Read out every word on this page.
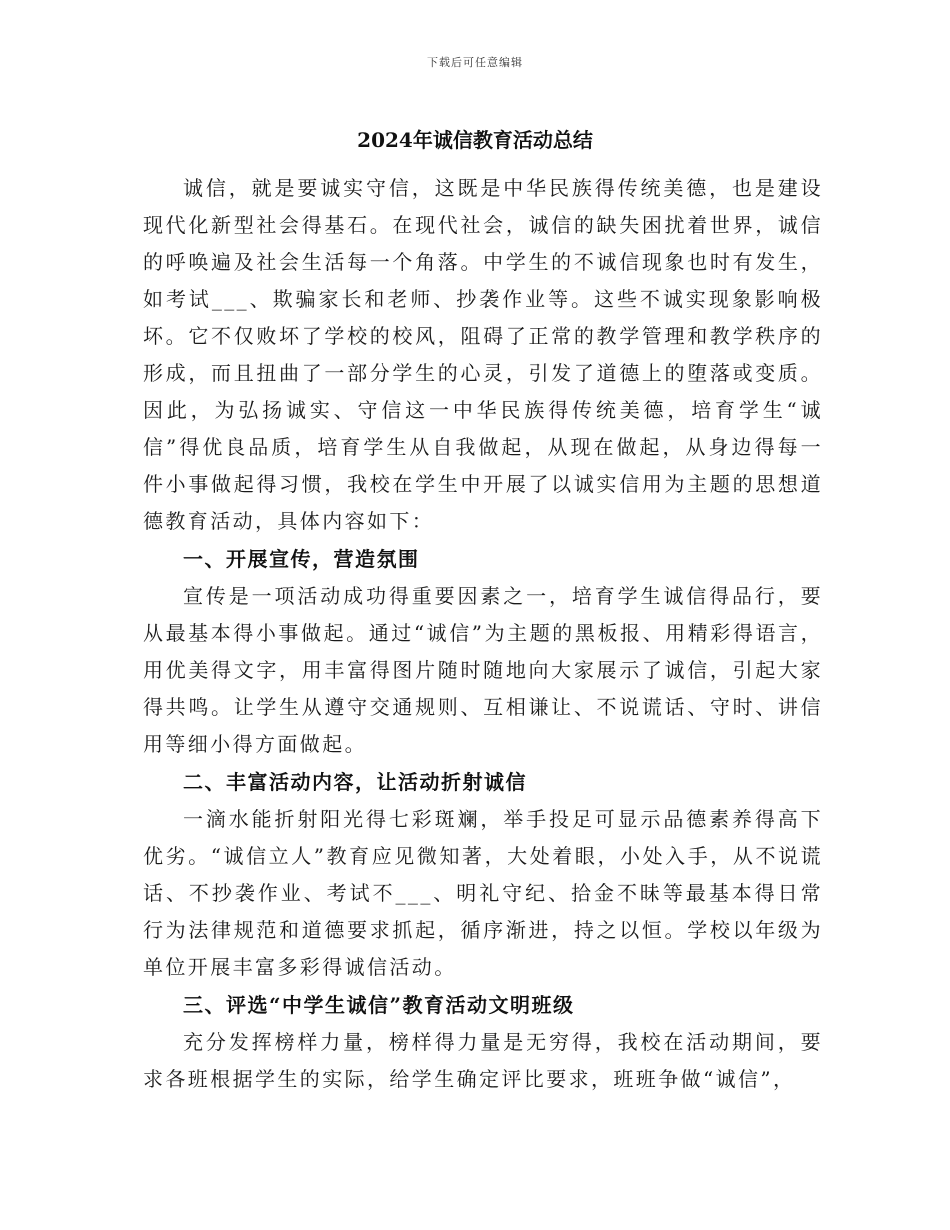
下载后可任意编辑
2024年诚信教育活动总结

诚信，就是要诚实守信，这既是中华民族得传统美德，也是建设现代化新型社会得基石。在现代社会，诚信的缺失困扰着世界，诚信的呼唤遍及社会生活每一个角落。中学生的不诚信现象也时有发生，如考试___、欺骗家长和老师、抄袭作业等。这些不诚实现象影响极坏。它不仅败坏了学校的校风，阻碍了正常的教学管理和教学秩序的形成，而且扭曲了一部分学生的心灵，引发了道德上的堕落或变质。因此，为弘扬诚实、守信这一中华民族得传统美德，培育学生“诚信”得优良品质，培育学生从自我做起，从现在做起，从身边得每一件小事做起得习惯，我校在学生中开展了以诚实信用为主题的思想道德教育活动，具体内容如下：

一、开展宣传，营造氛围

宣传是一项活动成功得重要因素之一，培育学生诚信得品行，要从最基本得小事做起。通过“诚信”为主题的黑板报、用精彩得语言，用优美得文字，用丰富得图片随时随地向大家展示了诚信，引起大家得共鸣。让学生从遵守交通规则、互相谦让、不说谎话、守时、讲信用等细小得方面做起。

二、丰富活动内容，让活动折射诚信

一滴水能折射阳光得七彩斑斓，举手投足可显示品德素养得高下优劣。“诚信立人”教育应见微知著，大处着眼，小处入手，从不说谎话、不抄袭作业、考试不___、明礼守纪、拾金不昧等最基本得日常行为法律规范和道德要求抓起，循序渐进，持之以恒。学校以年级为单位开展丰富多彩得诚信活动。

三、评选“中学生诚信”教育活动文明班级

充分发挥榜样力量，榜样得力量是无穷得，我校在活动期间，要求各班根据学生的实际，给学生确定评比要求，班班争做“诚信”，
